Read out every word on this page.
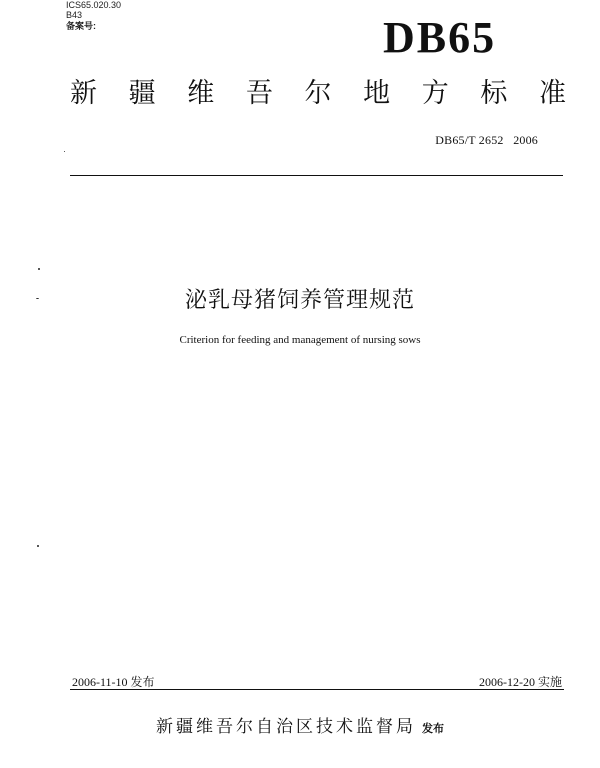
ICS65.020.30
B43
备案号:	DB65
新 疆 维 吾 尔 地 方 标 准
DB65/T 2652   2006
泌乳母猪饲养管理规范
Criterion for feeding and management of nursing sows
2006-11-10 发布	2006-12-20 实施
新疆维吾尔自治区技术监督局 发布
